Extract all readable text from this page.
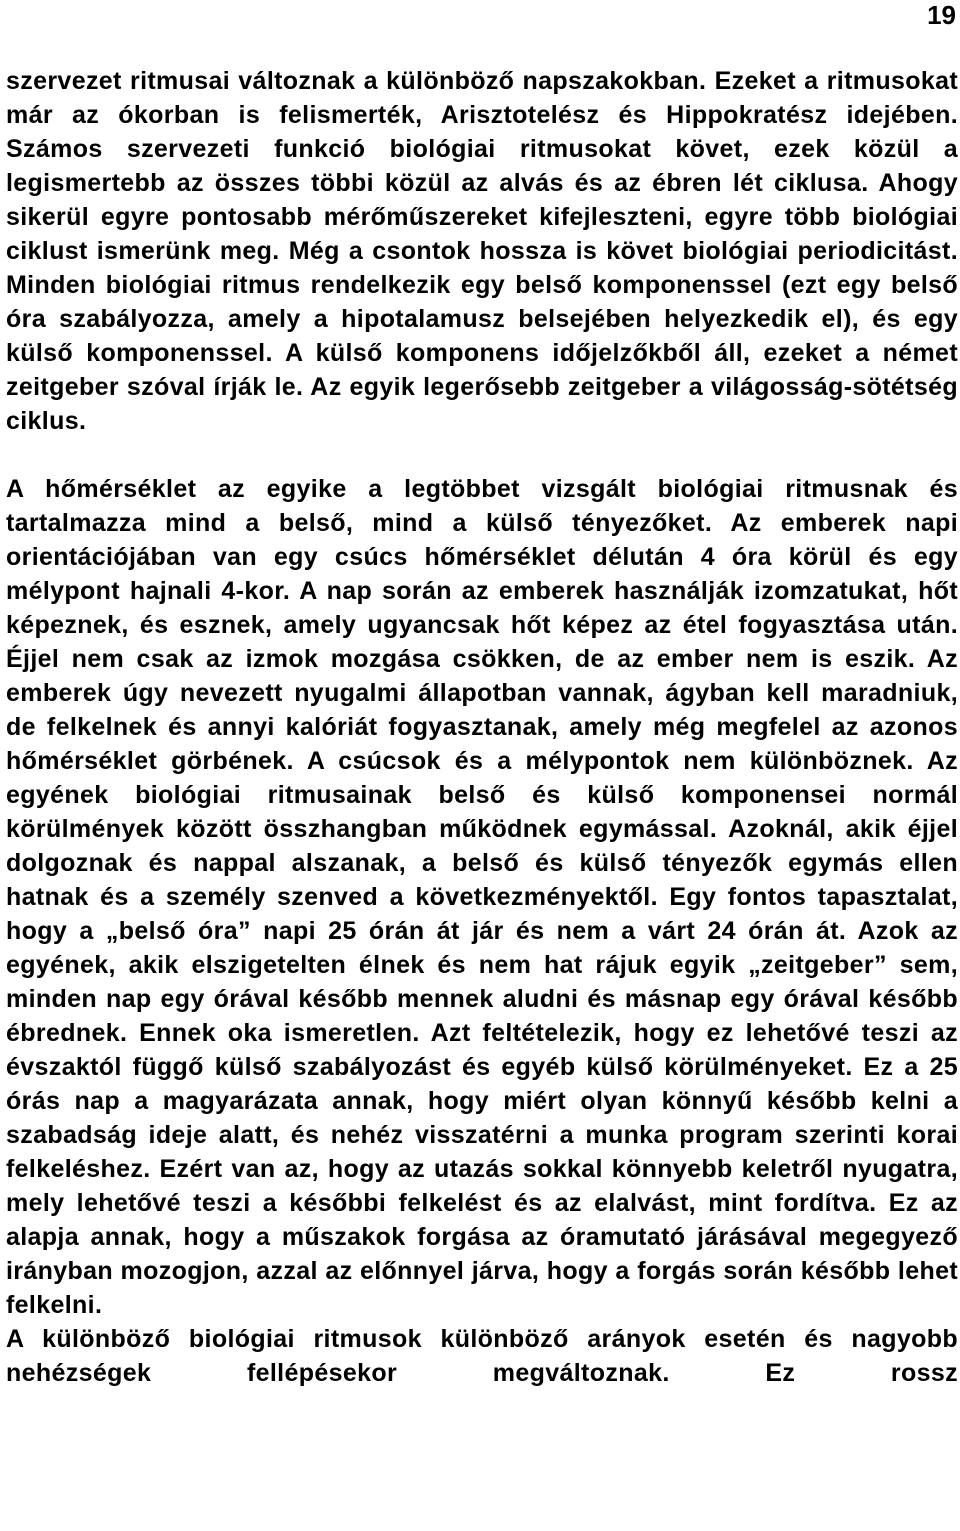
19

szervezet ritmusai változnak a különböző napszakokban. Ezeket a ritmusokat már az ókorban is felismerték, Arisztotelész és Hippokratész idejében. Számos szervezeti funkció biológiai ritmusokat követ, ezek közül a legismertebb az összes többi közül az alvás és az ébren lét ciklusa. Ahogy sikerül egyre pontosabb mérőműszereket kifejleszteni, egyre több biológiai ciklust ismerünk meg. Még a csontok hossza is követ biológiai periodicitást. Minden biológiai ritmus rendelkezik egy belső komponenssel (ezt egy belső óra szabályozza, amely a hipotalamusz belsejében helyezkedik el), és egy külső komponenssel. A külső komponens időjelzőkből áll, ezeket a német zeitgeber szóval írják le. Az egyik legerősebb zeitgeber a világosság-sötétség ciklus.

A hőmérséklet az egyike a legtöbbet vizsgált biológiai ritmusnak és tartalmazza mind a belső, mind a külső tényezőket. Az emberek napi orientációjában van egy csúcs hőmérséklet délután 4 óra körül és egy mélypont hajnali 4-kor. A nap során az emberek használják izomzatukat, hőt képeznek, és esznek, amely ugyancsak hőt képez az étel fogyasztása után. Éjjel nem csak az izmok mozgása csökken, de az ember nem is eszik. Az emberek úgy nevezett nyugalmi állapotban vannak, ágyban kell maradniuk, de felkelnek és annyi kalóriát fogyasztanak, amely még megfelel az azonos hőmérséklet görbének. A csúcsok és a mélypontok nem különböznek. Az egyének biológiai ritmusainak belső és külső komponensei normál körülmények között összhangban működnek egymással. Azoknál, akik éjjel dolgoznak és nappal alszanak, a belső és külső tényezők egymás ellen hatnak és a személy szenved a következményektől. Egy fontos tapasztalat, hogy a „belső óra” napi 25 órán át jár és nem a várt 24 órán át. Azok az egyének, akik elszigetelten élnek és nem hat rájuk egyik „zeitgeber” sem, minden nap egy órával később mennek aludni és másnap egy órával később ébrednek. Ennek oka ismeretlen. Azt feltételezik, hogy ez lehetővé teszi az évszaktól függő külső szabályozást és egyéb külső körülményeket. Ez a 25 órás nap a magyarázata annak, hogy miért olyan könnyű később kelni a szabadság ideje alatt, és nehéz visszatérni a munka program szerinti korai felkeléshez. Ezért van az, hogy az utazás sokkal könnyebb keletről nyugatra, mely lehetővé teszi a későbbi felkelést és az elalvást, mint fordítva. Ez az alapja annak, hogy a műszakok forgása az óramutató járásával megegyező irányban mozogjon, azzal az előnnyel járva, hogy a forgás során később lehet felkelni.

A különböző biológiai ritmusok különböző arányok esetén és nagyobb nehézségek fellépésekor megváltoznak. Ez rossz
